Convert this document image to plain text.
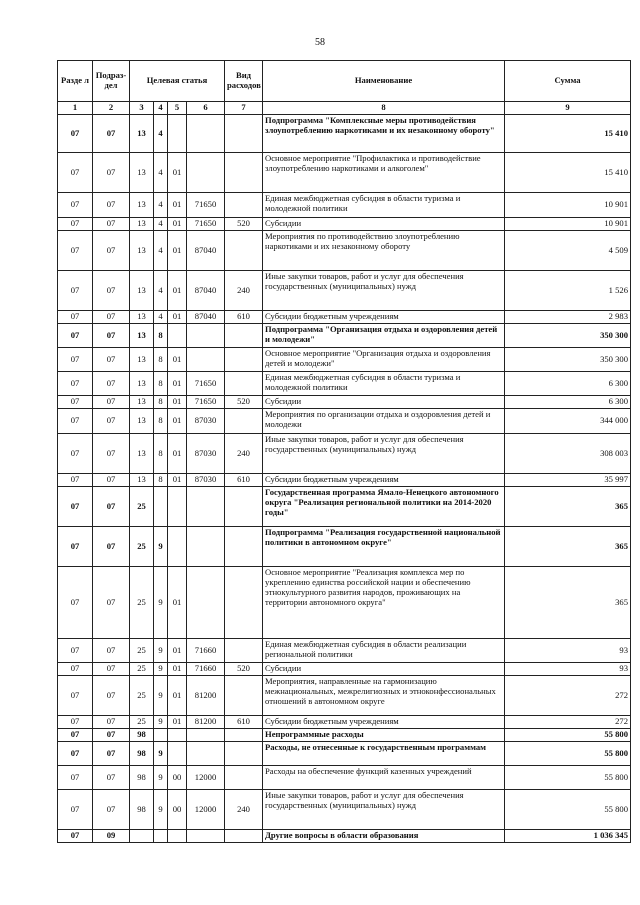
58
Разде л	Подраз- дел	Целевая статья				Вид расходов	Наименование	Сумма
1	2	3	4	5	6	7	8	9
07	07	13	4				Подпрограмма "Комплексные меры противодействия злоупотреблению наркотиками и их незаконному обороту"	15 410
07	07	13	4	01			Основное мероприятие "Профилактика и противодействие злоупотреблению наркотиками и алкоголем"	15 410
07	07	13	4	01	71650		Единая межбюджетная субсидия в области туризма и молодежной политики	10 901
07	07	13	4	01	71650	520	Субсидии	10 901
07	07	13	4	01	87040		Мероприятия по противодействию злоупотреблению наркотиками и их незаконному обороту	4 509
07	07	13	4	01	87040	240	Иные закупки товаров, работ и услуг для обеспечения государственных (муниципальных) нужд	1 526
07	07	13	4	01	87040	610	Субсидии бюджетным учреждениям	2 983
07	07	13	8				Подпрограмма "Организация отдыха и оздоровления детей и молодежи"	350 300
07	07	13	8	01			Основное мероприятие "Организация отдыха и оздоровления детей и молодежи"	350 300
07	07	13	8	01	71650		Единая межбюджетная субсидия в области туризма и молодежной политики	6 300
07	07	13	8	01	71650	520	Субсидии	6 300
07	07	13	8	01	87030		Мероприятия по организации отдыха и оздоровления детей и молодежи	344 000
07	07	13	8	01	87030	240	Иные закупки товаров, работ и услуг для обеспечения государственных (муниципальных) нужд	308 003
07	07	13	8	01	87030	610	Субсидии бюджетным учреждениям	35 997
07	07	25					Государственная программа Ямало-Ненецкого автономного округа "Реализация региональной политики на 2014-2020 годы"	365
07	07	25	9				Подпрограмма "Реализация государственной национальной политики в автономном округе"	365
07	07	25	9	01			Основное мероприятие "Реализация комплекса мер по укреплению единства российской нации и обеспечению этнокультурного развития народов, проживающих на территории автономного округа"	365
07	07	25	9	01	71660		Единая межбюджетная субсидия в области реализации региональной политики	93
07	07	25	9	01	71660	520	Субсидии	93
07	07	25	9	01	81200		Мероприятия, направленные на гармонизацию межнациональных, межрелигиозных и этноконфессиональных отношений в автономном округе	272
07	07	25	9	01	81200	610	Субсидии бюджетным учреждениям	272
07	07	98					Непрограммные расходы	55 800
07	07	98	9				Расходы, не отнесенные к государственным программам	55 800
07	07	98	9	00	12000		Расходы на обеспечение функций казенных учреждений	55 800
07	07	98	9	00	12000	240	Иные закупки товаров, работ и услуг для обеспечения государственных (муниципальных) нужд	55 800
07	09						Другие вопросы в области образования	1 036 345
